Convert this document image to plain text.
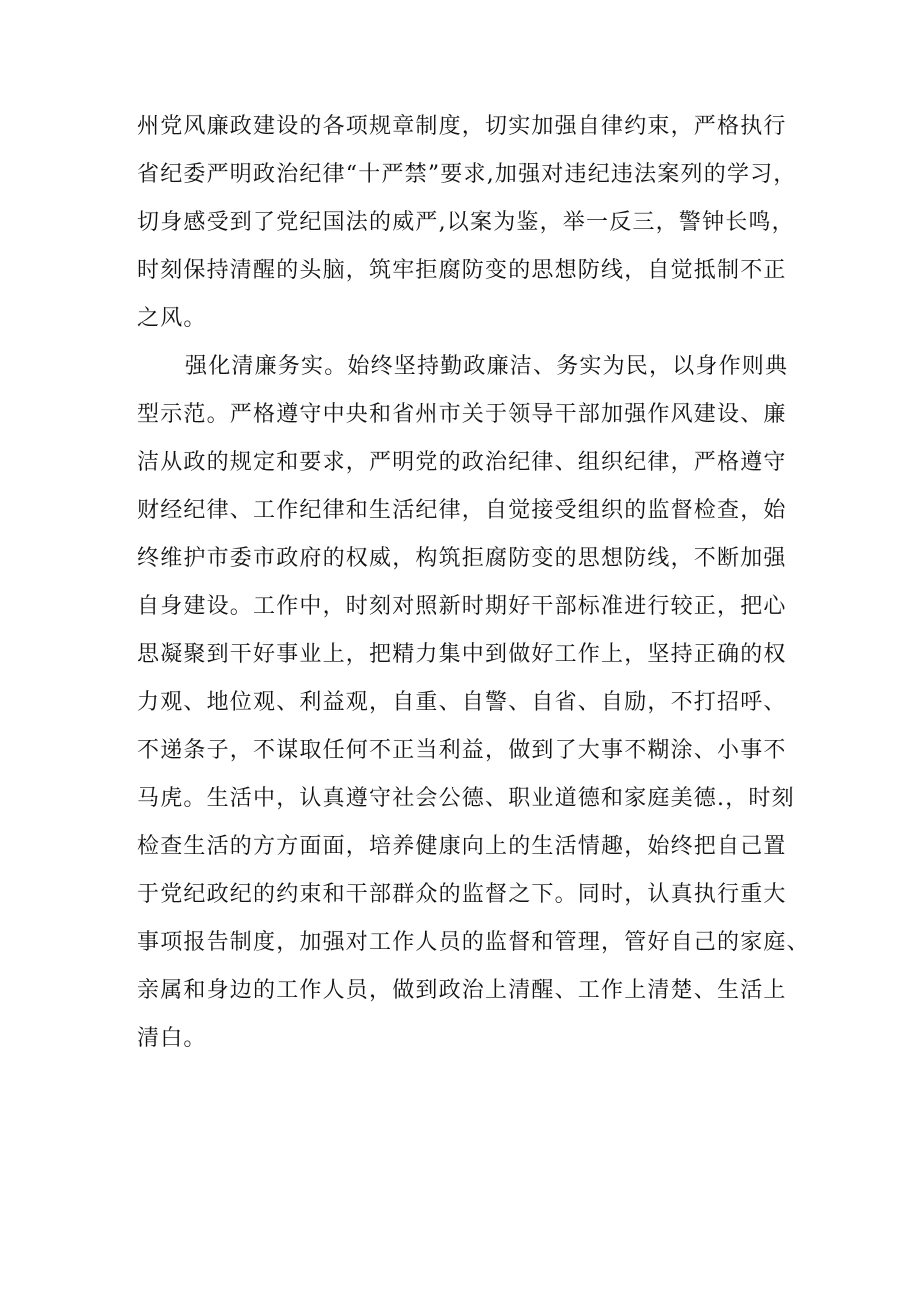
州党风廉政建设的各项规章制度，切实加强自律约束，严格执行
省纪委严明政治纪律“十严禁”要求,加强对违纪违法案列的学习，
切身感受到了党纪国法的威严,以案为鉴，举一反三，警钟长鸣，
时刻保持清醒的头脑，筑牢拒腐防变的思想防线，自觉抵制不正
之风。
强化清廉务实。始终坚持勤政廉洁、务实为民，以身作则典
型示范。严格遵守中央和省州市关于领导干部加强作风建设、廉
洁从政的规定和要求，严明党的政治纪律、组织纪律，严格遵守
财经纪律、工作纪律和生活纪律，自觉接受组织的监督检查，始
终维护市委市政府的权威，构筑拒腐防变的思想防线，不断加强
自身建设。工作中，时刻对照新时期好干部标准进行较正，把心
思凝聚到干好事业上，把精力集中到做好工作上，坚持正确的权
力观、地位观、利益观，自重、自警、自省、自励，不打招呼、
不递条子，不谋取任何不正当利益，做到了大事不糊涂、小事不
马虎。生活中，认真遵守社会公德、职业道德和家庭美德.，时刻
检查生活的方方面面，培养健康向上的生活情趣，始终把自己置
于党纪政纪的约束和干部群众的监督之下。同时，认真执行重大
事项报告制度，加强对工作人员的监督和管理，管好自己的家庭、
亲属和身边的工作人员，做到政治上清醒、工作上清楚、生活上
清白。
